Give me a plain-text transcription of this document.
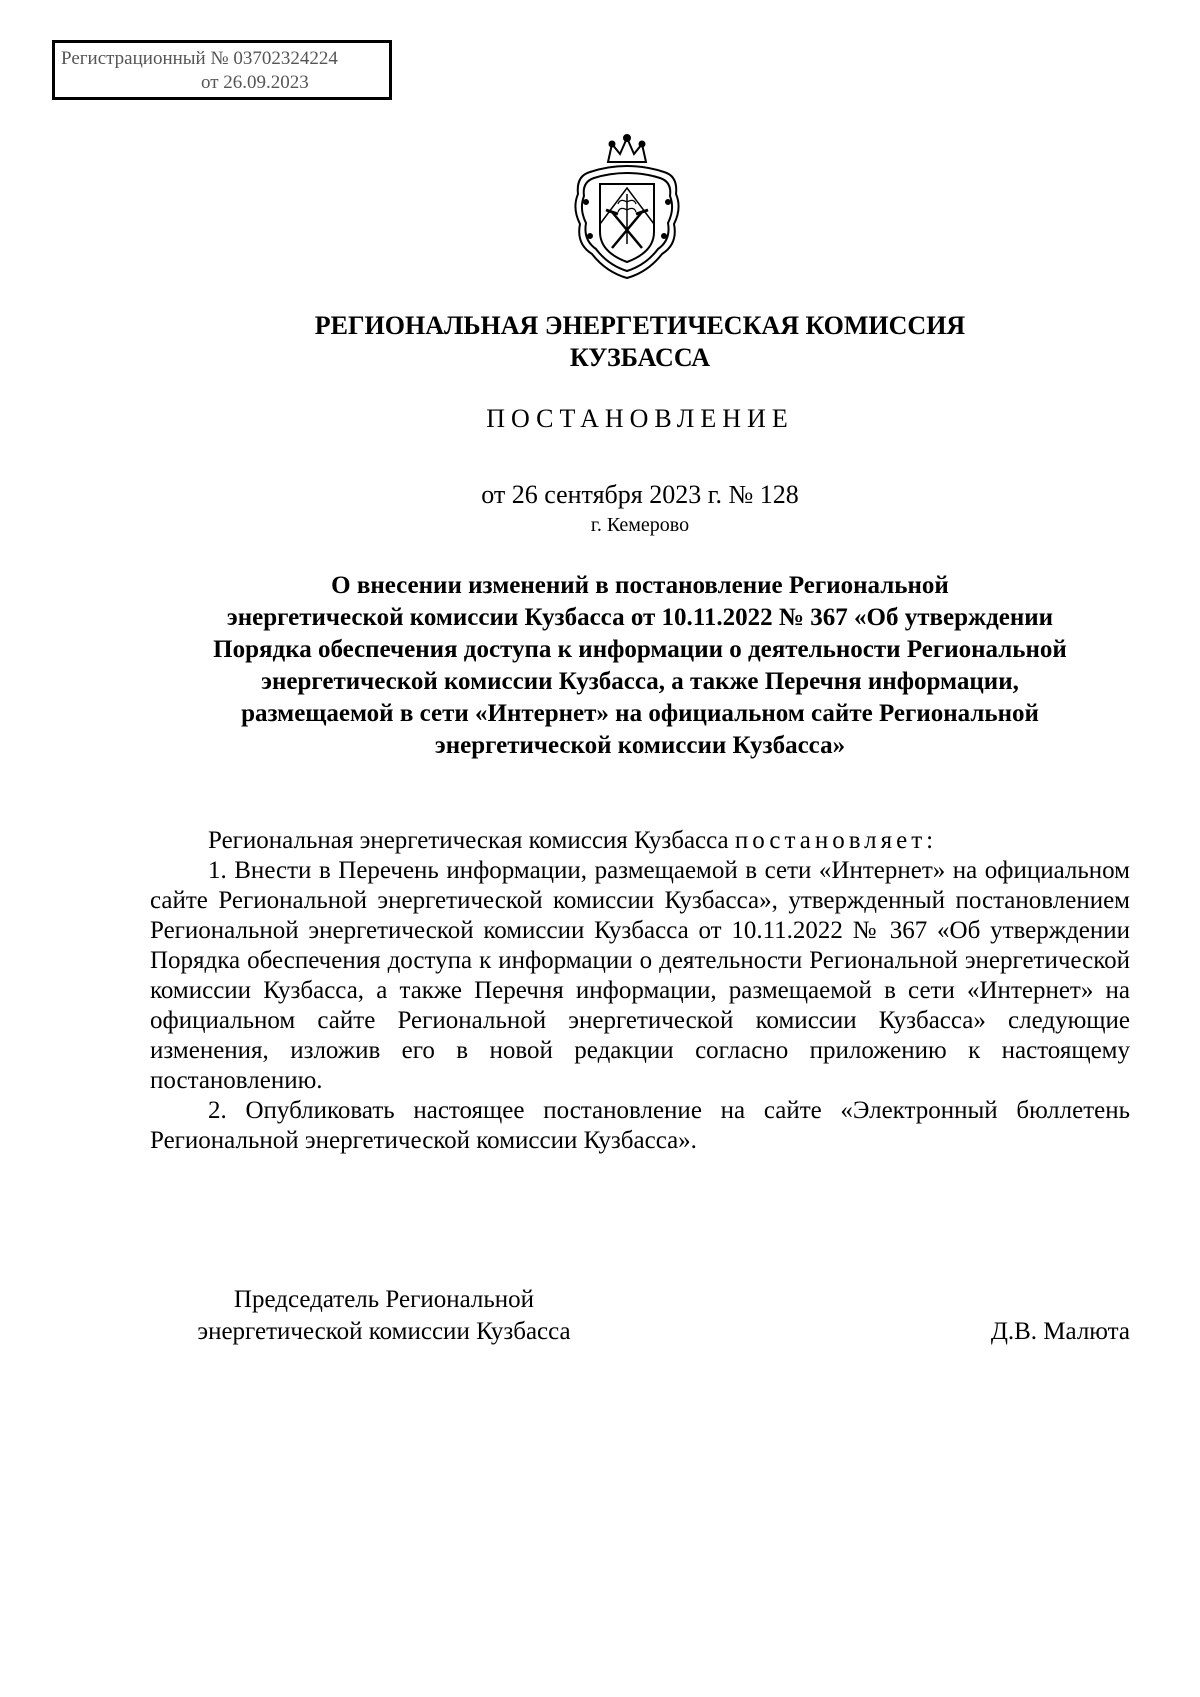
Регистрационный № 03702324224
от 26.09.2023
РЕГИОНАЛЬНАЯ ЭНЕРГЕТИЧЕСКАЯ КОМИССИЯ
КУЗБАССА
ПОСТАНОВЛЕНИЕ
от 26 сентября 2023 г. № 128
г. Кемерово
О внесении изменений в постановление Региональной
энергетической комиссии Кузбасса от 10.11.2022 № 367 «Об утверждении
Порядка обеспечения доступа к информации о деятельности Региональной
энергетической комиссии Кузбасса, а также Перечня информации,
размещаемой в сети «Интернет» на официальном сайте Региональной
энергетической комиссии Кузбасса»

Региональная энергетическая комиссия Кузбасса постановляет:

1. Внести в Перечень информации, размещаемой в сети «Интернет» на официальном сайте Региональной энергетической комиссии Кузбасса», утвержденный постановлением Региональной энергетической комиссии Кузбасса от 10.11.2022 № 367 «Об утверждении Порядка обеспечения доступа к информации о деятельности Региональной энергетической комиссии Кузбасса, а также Перечня информации, размещаемой в сети «Интернет» на официальном сайте Региональной энергетической комиссии Кузбасса» следующие изменения, изложив его в новой редакции согласно приложению к настоящему постановлению.

2. Опубликовать настоящее постановление на сайте «Электронный бюллетень Региональной энергетической комиссии Кузбасса».

Председатель Региональной
энергетической комиссии Кузбасса	Д.В. Малюта
